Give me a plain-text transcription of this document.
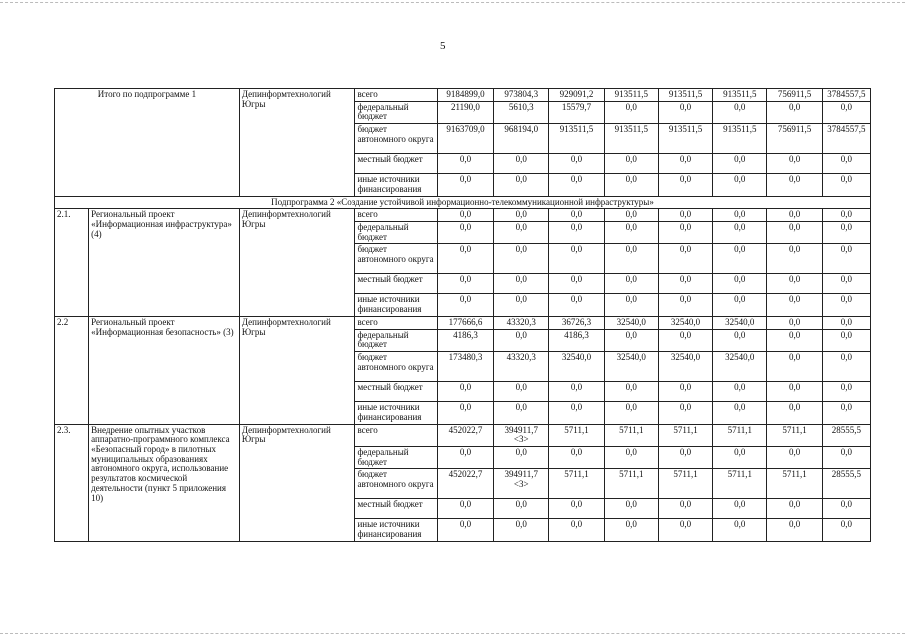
5
Итого по подпрограмме 1		Депинформтехнологий Югры	всего	9184899,0	973804,3	929091,2	913511,5	913511,5	913511,5	756911,5	3784557,5
			федеральный бюджет	21190,0	5610,3	15579,7	0,0	0,0	0,0	0,0	0,0
			бюджет автономного округа	9163709,0	968194,0	913511,5	913511,5	913511,5	913511,5	756911,5	3784557,5
			местный бюджет	0,0	0,0	0,0	0,0	0,0	0,0	0,0	0,0
			иные источники финансирования	0,0	0,0	0,0	0,0	0,0	0,0	0,0	0,0
Подпрограмма 2 «Создание устойчивой информационно-телекоммуникационной инфраструктуры»											
2.1.	Региональный проект «Информационная инфраструктура» (4)	Депинформтехнологий Югры	всего	0,0	0,0	0,0	0,0	0,0	0,0	0,0	0,0
			федеральный бюджет	0,0	0,0	0,0	0,0	0,0	0,0	0,0	0,0
			бюджет автономного округа	0,0	0,0	0,0	0,0	0,0	0,0	0,0	0,0
			местный бюджет	0,0	0,0	0,0	0,0	0,0	0,0	0,0	0,0
			иные источники финансирования	0,0	0,0	0,0	0,0	0,0	0,0	0,0	0,0
2.2	Региональный проект «Информационная безопасность» (3)	Депинформтехнологий Югры	всего	177666,6	43320,3	36726,3	32540,0	32540,0	32540,0	0,0	0,0
			федеральный бюджет	4186,3	0,0	4186,3	0,0	0,0	0,0	0,0	0,0
			бюджет автономного округа	173480,3	43320,3	32540,0	32540,0	32540,0	32540,0	0,0	0,0
			местный бюджет	0,0	0,0	0,0	0,0	0,0	0,0	0,0	0,0
			иные источники финансирования	0,0	0,0	0,0	0,0	0,0	0,0	0,0	0,0
2.3.	Внедрение опытных участков аппаратно-программного комплекса «Безопасный город» в пилотных муниципальных образованиях автономного округа, использование результатов космической деятельности (пункт 5 приложения 10)	Депинформтехнологий Югры	всего	452022,7	394911,7 <3>	5711,1	5711,1	5711,1	5711,1	5711,1	28555,5
			федеральный бюджет	0,0	0,0	0,0	0,0	0,0	0,0	0,0	0,0
			бюджет автономного округа	452022,7	394911,7 <3>	5711,1	5711,1	5711,1	5711,1	5711,1	28555,5
			местный бюджет	0,0	0,0	0,0	0,0	0,0	0,0	0,0	0,0
			иные источники финансирования	0,0	0,0	0,0	0,0	0,0	0,0	0,0	0,0
